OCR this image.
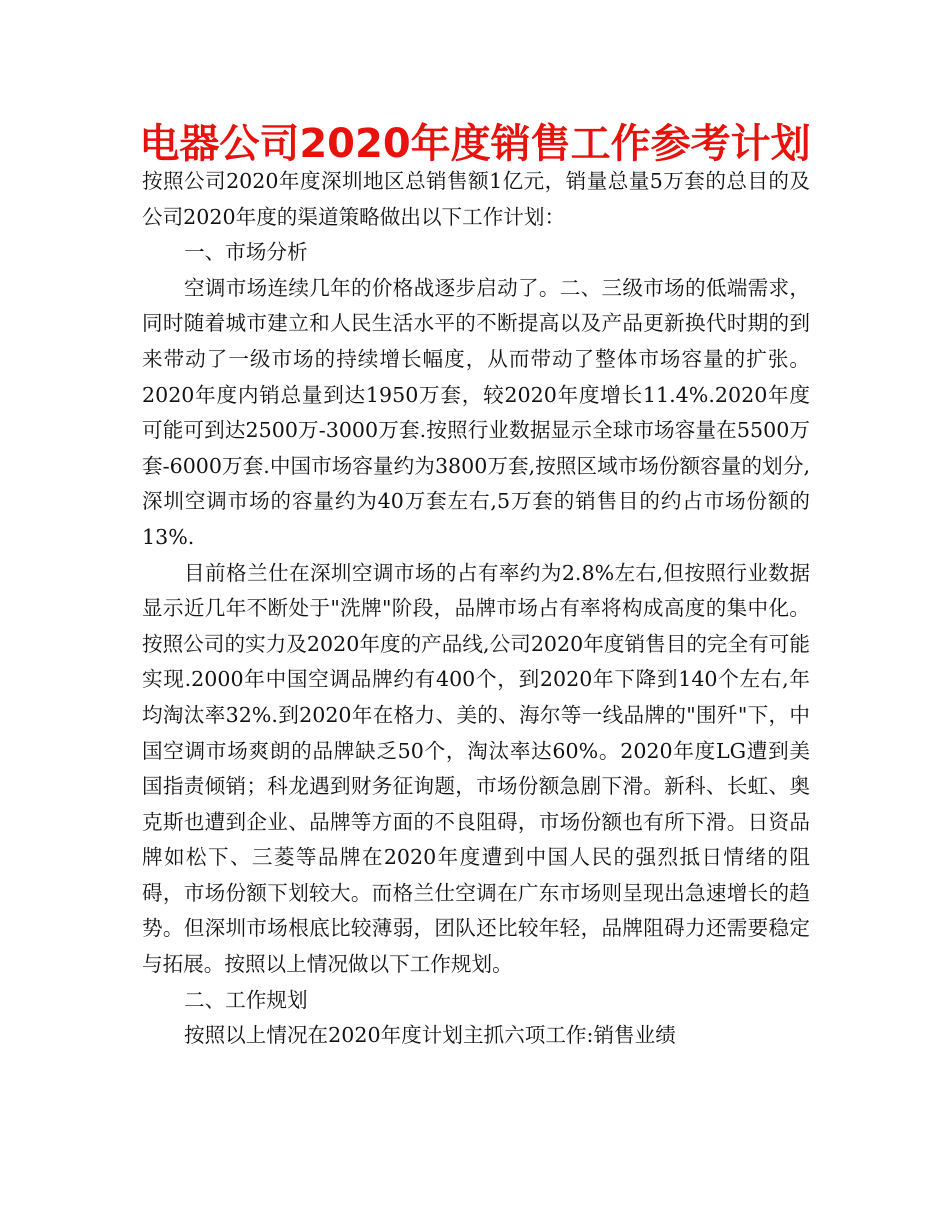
电器公司2020年度销售工作参考计划

按照公司2020年度深圳地区总销售额1亿元，销量总量5万套的总目的及公司2020年度的渠道策略做出以下工作计划：

一、市场分析

空调市场连续几年的价格战逐步启动了。二、三级市场的低端需求，同时随着城市建立和人民生活水平的不断提高以及产品更新换代时期的到来带动了一级市场的持续增长幅度，从而带动了整体市场容量的扩张。2020年度内销总量到达1950万套，较2020年度增长11.4%.2020年度可能可到达2500万-3000万套.按照行业数据显示全球市场容量在5500万套-6000万套.中国市场容量约为3800万套,按照区域市场份额容量的划分,深圳空调市场的容量约为40万套左右,5万套的销售目的约占市场份额的13%.

目前格兰仕在深圳空调市场的占有率约为2.8%左右,但按照行业数据显示近几年不断处于"洗牌"阶段，品牌市场占有率将构成高度的集中化。按照公司的实力及2020年度的产品线,公司2020年度销售目的完全有可能实现.2000年中国空调品牌约有400个，到2020年下降到140个左右,年均淘汰率32%.到2020年在格力、美的、海尔等一线品牌的"围歼"下，中国空调市场爽朗的品牌缺乏50个，淘汰率达60%。2020年度LG遭到美国指责倾销；科龙遇到财务征询题，市场份额急剧下滑。新科、长虹、奥克斯也遭到企业、品牌等方面的不良阻碍，市场份额也有所下滑。日资品牌如松下、三菱等品牌在2020年度遭到中国人民的强烈抵日情绪的阻碍，市场份额下划较大。而格兰仕空调在广东市场则呈现出急速增长的趋势。但深圳市场根底比较薄弱，团队还比较年轻，品牌阻碍力还需要稳定与拓展。按照以上情况做以下工作规划。

二、工作规划

按照以上情况在2020年度计划主抓六项工作:销售业绩
